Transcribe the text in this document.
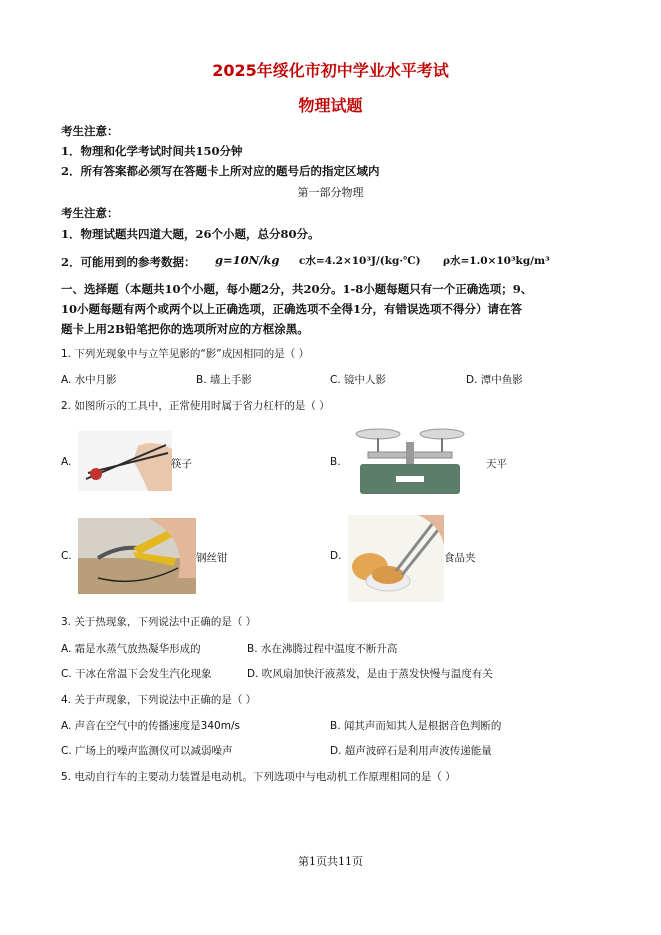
2025年绥化市初中学业水平考试
物理试题
考生注意：
1．物理和化学考试时间共150分钟
2．所有答案都必须写在答题卡上所对应的题号后的指定区域内
第一部分物理
考生注意：
1．物理试题共四道大题，26个小题，总分80分。
2．可能用到的参考数据： g=10N/kg c水=4.2×10³J/(kg·℃) ρ水=1.0×10³kg/m³
一、选择题（本题共10个小题，每小题2分，共20分。1-8小题每题只有一个正确选项；9、
10小题每题有两个或两个以上正确选项，正确选项不全得1分，有错误选项不得分）请在答
题卡上用2B铅笔把你的选项所对应的方框涂黑。
1. 下列光现象中与立竿见影的“影”成因相同的是（ ）
A. 水中月影	B. 墙上手影	C. 镜中人影	D. 潭中鱼影
2. 如图所示的工具中，正常使用时属于省力杠杆的是（ ）
A.	筷子	B.	天平
C.	钢丝钳	D.	食品夹
3. 关于热现象，下列说法中正确的是（ ）
A. 霜是水蒸气放热凝华形成的	B. 水在沸腾过程中温度不断升高
C. 干冰在常温下会发生汽化现象	D. 吹风扇加快汗液蒸发，是由于蒸发快慢与温度有关
4. 关于声现象，下列说法中正确的是（ ）
A. 声音在空气中的传播速度是340m/s	B. 闻其声而知其人是根据音色判断的
C. 广场上的噪声监测仪可以减弱噪声	D. 超声波碎石是利用声波传递能量
5. 电动自行车的主要动力装置是电动机。下列选项中与电动机工作原理相同的是（ ）
第1页共11页
